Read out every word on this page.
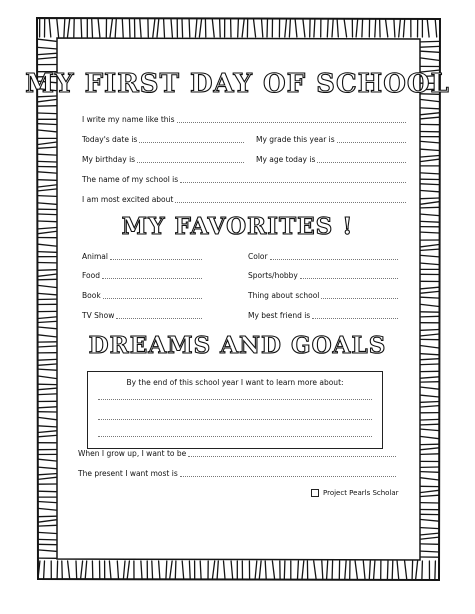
MY FIRST DAY OF SCHOOL
I write my name like this
Today's date is	My grade this year is
My birthday is	My age today is
The name of my school is
I am most excited about
MY FAVORITES !
Animal	Color
Food	Sports/hobby
Book	Thing about school
TV Show	My best friend is
DREAMS AND GOALS
By the end of this school year I want to learn more about:
When I grow up, I want to be
The present I want most is
Project Pearls Scholar
